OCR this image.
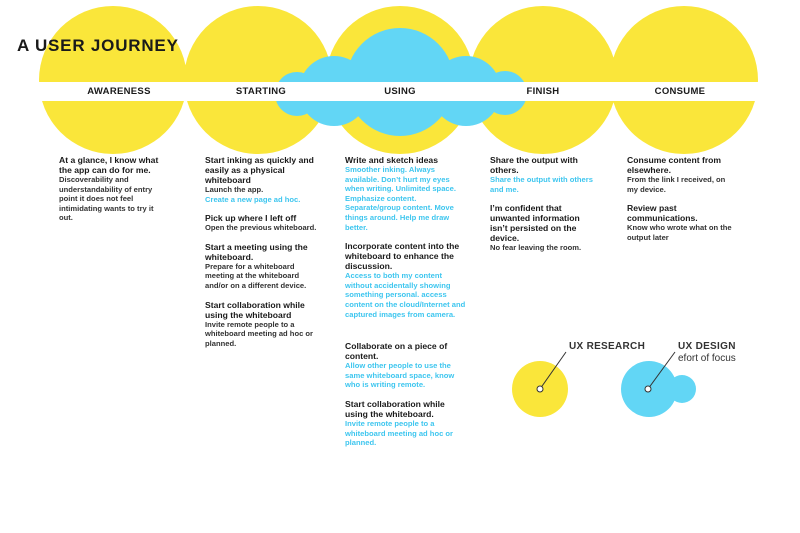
A USER JOURNEY
AWARENESS	STARTING	USING	FINISH	CONSUME
At a glance, I know what the app can do for me.
Discoverability and understandability of entry point it does not feel intimidating wants to try it out.
Start inking as quickly and easily as a physical whiteboard
Launch the app.
Create a new page ad hoc.
Pick up where I left off
Open the previous whiteboard.
Start a meeting using the whiteboard.
Prepare for a whiteboard meeting at the whiteboard and/or on a different device.
Start collaboration while using the whiteboard
Invite remote people to a whiteboard meeting ad hoc or planned.
Write and sketch ideas
Smoother inking. Always available. Don’t hurt my eyes when writing. Unlimited space. Emphasize content. Separate/group content. Move things around. Help me draw better.
Incorporate content into the whiteboard to enhance the discussion.
Access to both my content without accidentally showing something personal. access content on the cloud/Internet and captured images from camera.
Collaborate on a piece of content.
Allow other people to use the same whiteboard space, know who is writing remote.
Start collaboration while using the whiteboard.
Invite remote people to a whiteboard meeting ad hoc or planned.
Share the output with others.
Share the output with others and me.
I’m confident that unwanted information isn’t persisted on the device.
No fear leaving the room.
Consume content from elsewhere.
From the link I received, on my device.
Review past communications.
Know who wrote what on the output later
UX RESEARCH	UX DESIGN
efort of focus
